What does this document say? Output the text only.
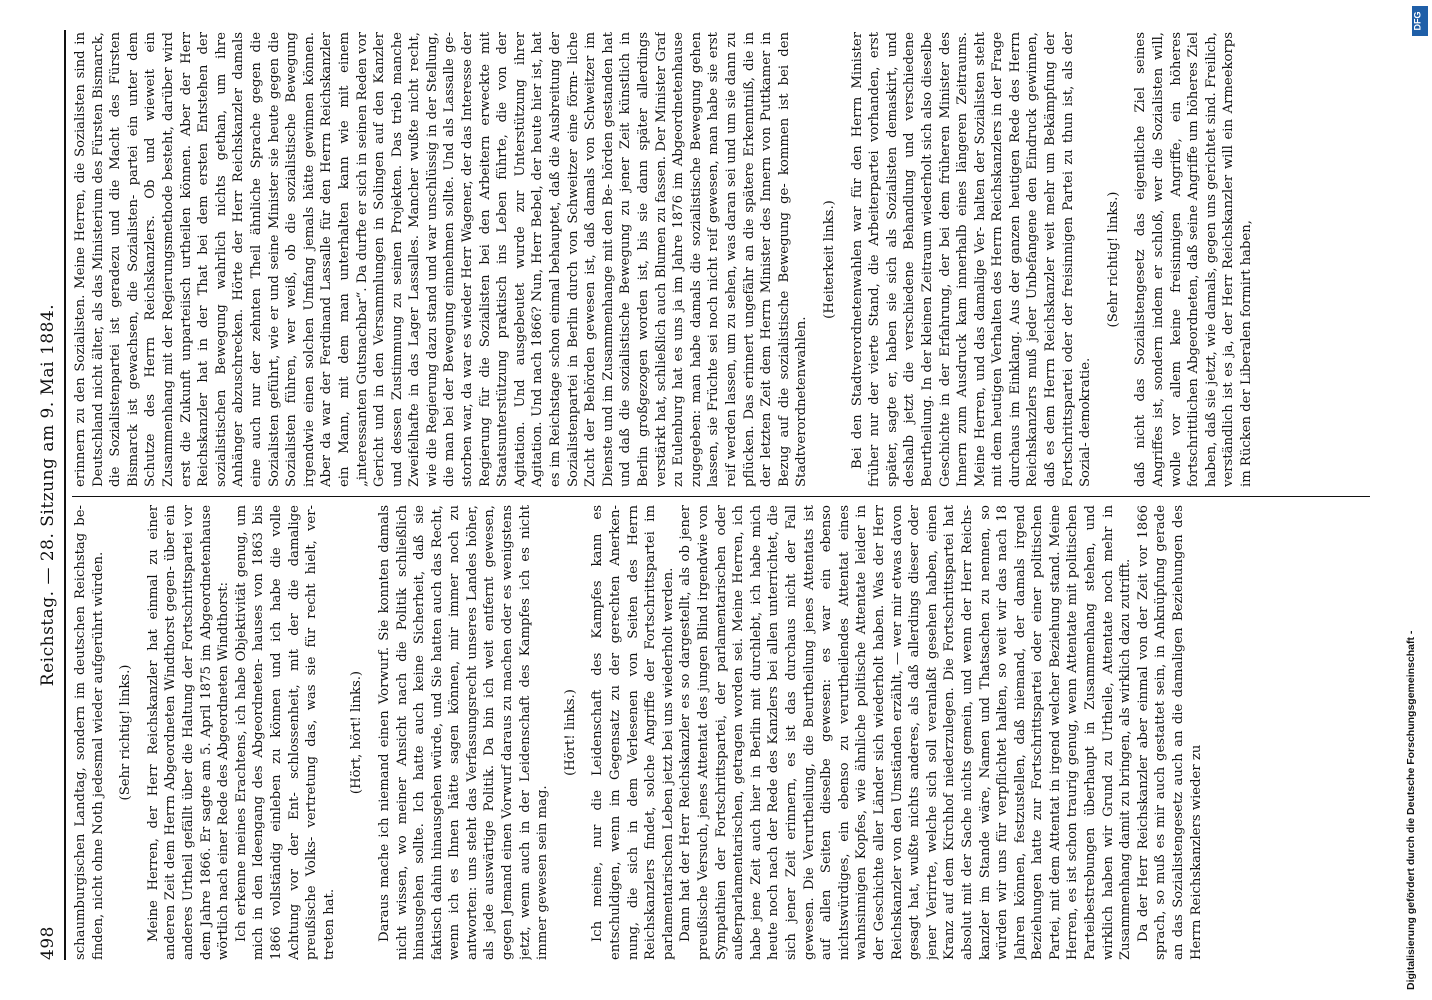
498
Reichstag. — 28. Sitzung am 9. Mai 1884.

schaumburgischen Landtag, sondern im deutschen Reichstag be- finden, nicht ohne Noth jedesmal wieder aufgerührt würden. (Sehr richtig! links.) Meine Herren, der Herr Reichskanzler hat einmal zu einer anderen Zeit dem Herrn Abgeordneten Windthorst gegen- über ein anderes Urtheil gefällt über die Haltung der Fortschrittspartei vor dem Jahre 1866. Er sagte am 5. April 1875 im Abgeordnetenhause wörtlich nach einer Rede des Abgeordneten Windthorst: Ich erkenne meines Erachtens, ich habe Objektivität genug, um mich in den Ideengang des Abgeordneten- hauses von 1863 bis 1866 vollständig einleben zu können und ich habe die volle Achtung vor der Ent- schlossenheit, mit der die damalige preußische Volks- vertretung das, was sie für recht hielt, ver- treten hat.

(Hört, hört! links.) Daraus mache ich niemand einen Vorwurf. Sie konnten damals nicht wissen, wo meiner Ansicht nach die Politik schließlich hinausgehen sollte. Ich hatte auch keine Sicherheit, daß sie faktisch dahin hinausgehen würde, und Sie hatten auch das Recht, wenn ich es Ihnen hätte sagen können, mir immer noch zu antworten: uns steht das Verfassungsrecht unseres Landes höher, als jede auswärtige Politik. Da bin ich weit entfernt gewesen, gegen Jemand einen Vorwurf daraus zu machen oder es wenigstens jetzt, wenn auch in der Leidenschaft des Kampfes ich es nicht immer gewesen sein mag.

(Hört! links.) Ich meine, nur die Leidenschaft des Kampfes kann es entschuldigen, wenn im Gegensatz zu der gerechten Anerken- nung, die sich in dem Verlesenen von Seiten des Herrn Reichskanzlers findet, solche Angriffe der Fortschrittspartei im parlamentarischen Leben jetzt bei uns wiederholt werden. Dann hat der Herr Reichskanzler es so dargestellt, als ob jener preußische Versuch, jenes Attentat des jungen Blind irgendwie von Sympathien der Fortschrittspartei, der parlamentarischen oder außerparlamentarischen, getragen worden sei. Meine Herren, ich habe jene Zeit auch hier in Berlin mit durchlebt, ich habe mich heute noch nach der Rede des Kanzlers bei allen unterrichtet, die sich jener Zeit erinnern, es ist das durchaus nicht der Fall gewesen. Die Verurtheilung, die Beurtheilung jenes Attentats ist auf allen Seiten dieselbe gewesen: es war ein ebenso nichtswürdiges, ein ebenso zu verurtheilendes Attentat eines wahnsinnigen Kopfes, wie ähnliche politische Attentate leider in der Geschichte aller Länder sich wiederholt haben. Was der Herr Reichskanzler von den Umständen erzählt, — wer mir etwas davon gesagt hat, wußte nichts anderes, als daß allerdings dieser oder jener Verirrte, welche sich soll veranlaßt gesehen haben, einen Kranz auf dem Kirchhof niederzulegen. Die Fortschrittspartei hat absolut mit der Sache nichts gemein, und wenn der Herr Reichs- kanzler im Stande wäre, Namen und Thatsachen zu nennen, so würden wir uns für verpflichtet halten, so weit wir das nach 18 Jahren können, festzustellen, daß niemand, der damals irgend Beziehungen hatte zur Fortschrittspartei oder einer politischen Partei, mit dem Attentat in irgend welcher Beziehung stand. Meine Herren, es ist schon traurig genug, wenn Attentate mit politischen Parteibestrebungen überhaupt in Zusammenhang stehen, und wirklich haben wir Grund zu Urtheile, Attentate noch mehr in Zusammenhang damit zu bringen, als wirklich dazu zutrifft. Da der Herr Reichskanzler aber einmal von der Zeit vor 1866 sprach, so muß es mir auch gestattet sein, in Anknüpfung gerade an das Sozialistengesetz auch an die damaligen Beziehungen des Herrn Reichskanzlers wieder zu

erinnern zu den Sozialisten. Meine Herren, die Sozialisten sind in Deutschland nicht älter, als das Ministerium des Fürsten Bismarck, die Sozialistenpartei ist geradezu und die Macht des Fürsten Bismarck ist gewachsen, die Sozialisten- partei ein unter dem Schutze des Herrn Reichskanzlers. Ob und wieweit ein Zusammenhang mit der Regierungsmethode besteht, darüber wird erst die Zukunft unparteiisch urtheilen können. Aber der Herr Reichskanzler hat in der That bei dem ersten Entstehen der sozialistischen Bewegung wahrlich nichts gethan, um ihre Anhänger abzuschrecken. Hörte der Herr Reichskanzler damals eine auch nur der zehnten Theil ähnliche Sprache gegen die Sozialisten geführt, wie er und seine Minister sie heute gegen die Sozialisten führen, wer weiß, ob die sozialistische Bewegung irgendwie einen solchen Umfang jemals hätte gewinnen können. Aber da war der Ferdinand Lassalle für den Herrn Reichskanzler ein Mann, mit dem man unterhalten kann wie mit einem „interessanten Gutsnachbar“. Da durfte er sich in seinen Reden vor Gericht und in den Versammlungen in Solingen auf den Kanzler und dessen Zustimmung zu seinen Projekten. Das trieb manche Zweifelhafte in das Lager Lassalles. Mancher wußte nicht recht, wie die Regierung dazu stand und war unschlüssig in der Stellung, die man bei der Bewegung einnehmen sollte. Und als Lassalle ge- storben war, da war es wieder Herr Wagener, der das Interesse der Regierung für die Sozialisten bei den Arbeitern erweckte mit Staatsunterstützung praktisch ins Leben führte, die von der Agitation. Und ausgebeutet wurde zur Unterstützung ihrer Agitation. Und nach 1866? Nun, Herr Bebel, der heute hier ist, hat es im Reichstage schon einmal behauptet, daß die Ausbreitung der Sozialistenpartei in Berlin durch von Schweitzer eine förm- liche Zucht der Behörden gewesen ist, daß damals von Schweitzer im Dienste und im Zusammenhange mit den Be- hörden gestanden hat und daß die sozialistische Bewegung zu jener Zeit künstlich in Berlin großgezogen worden ist, bis sie dann später allerdings verstärkt hat, schließlich auch Blumen zu fassen. Der Minister Graf zu Eulenburg hat es uns ja im Jahre 1876 im Abgeordnetenhause zugegeben: man habe damals die sozialistische Bewegung gehen lassen, sie Früchte sei noch nicht reif gewesen, man habe sie erst reif werden lassen, um zu sehen, was daran sei und um sie dann zu pflücken. Das erinnert ungefähr an die spätere Erkenntniß, die in der letzten Zeit dem Herrn Minister des Innern von Puttkamer in Bezug auf die sozialistische Bewegung ge- kommen ist bei den Stadtverordnetenwahlen.

(Heiterkeit links.) Bei den Stadtverordnetenwahlen war für den Herrn Minister früher nur der vierte Stand, die Arbeiterpartei vorhanden, erst später, sagte er, haben sie sich als Sozialisten demaskirt, und deshalb jetzt die verschiedene Behandlung und verschiedene Beurtheilung. In der kleinen Zeitraum wiederholt sich also dieselbe Geschichte in der Erfahrung, der bei dem früheren Minister des Innern zum Ausdruck kam innerhalb eines längeren Zeitraums. Meine Herren, und das damalige Ver- halten der Sozialisten steht mit dem heutigen Verhalten des Herrn Reichskanzlers in der Frage durchaus im Einklang. Aus der ganzen heutigen Rede des Herrn Reichskanzlers muß jeder Unbefangene den Eindruck gewinnen, daß es dem Herrn Reichskanzler weit mehr um Bekämpfung der Fortschrittspartei oder der freisinnigen Partei zu thun ist, als der Sozial- demokratie.

(Sehr richtig! links.) daß nicht das Sozialistengesetz das eigentliche Ziel seines Angriffes ist, sondern indem er schloß, wer die Sozialisten will, wolle vor allem keine freisinnigen Angriffe, ein höheres fortschrittlichen Abgeordneten, daß seine Angriffe um höheres Ziel haben, daß sie jetzt, wie damals, gegen uns gerichtet sind. Freilich, verständlich ist es ja, der Herr Reichskanzler will ein Armeekorps im Rücken der Liberalen formirt haben,

Digitalisierung gefördert durch die Deutsche Forschungsgemeinschaft -
DFG
